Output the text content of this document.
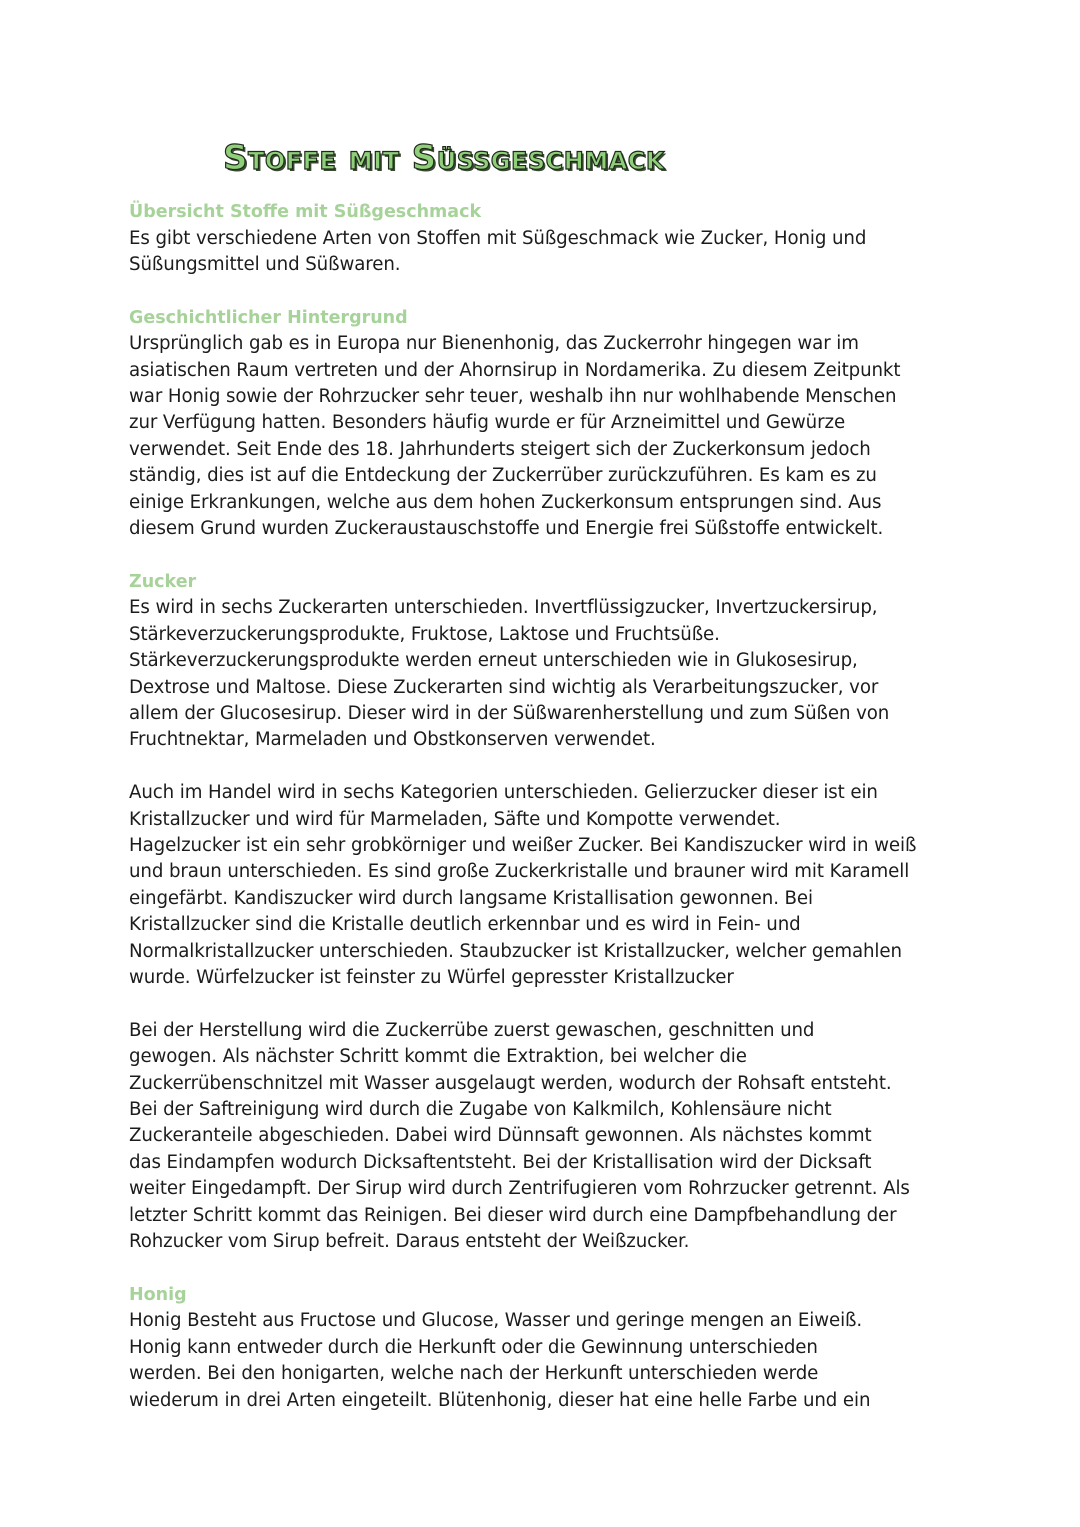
Stoffe mit Süßgeschmack
Übersicht Stoffe mit Süßgeschmack
Es gibt verschiedene Arten von Stoffen mit Süßgeschmack wie Zucker, Honig und
Süßungsmittel und Süßwaren.
Geschichtlicher Hintergrund
Ursprünglich gab es in Europa nur Bienenhonig, das Zuckerrohr hingegen war im
asiatischen Raum vertreten und der Ahornsirup in Nordamerika. Zu diesem Zeitpunkt
war Honig sowie der Rohrzucker sehr teuer, weshalb ihn nur wohlhabende Menschen
zur Verfügung hatten. Besonders häufig wurde er für Arzneimittel und Gewürze
verwendet. Seit Ende des 18. Jahrhunderts steigert sich der Zuckerkonsum jedoch
ständig, dies ist auf die Entdeckung der Zuckerrüber zurückzuführen. Es kam es zu
einige Erkrankungen, welche aus dem hohen Zuckerkonsum entsprungen sind. Aus
diesem Grund wurden Zuckeraustauschstoffe und Energie frei Süßstoffe entwickelt.
Zucker
Es wird in sechs Zuckerarten unterschieden. Invertflüssigzucker, Invertzuckersirup,
Stärkeverzuckerungsprodukte, Fruktose, Laktose und Fruchtsüße.
Stärkeverzuckerungsprodukte werden erneut unterschieden wie in Glukosesirup,
Dextrose und Maltose. Diese Zuckerarten sind wichtig als Verarbeitungszucker, vor
allem der Glucosesirup. Dieser wird in der Süßwarenherstellung und zum Süßen von
Fruchtnektar, Marmeladen und Obstkonserven verwendet.
Auch im Handel wird in sechs Kategorien unterschieden. Gelierzucker dieser ist ein
Kristallzucker und wird für Marmeladen, Säfte und Kompotte verwendet.
Hagelzucker ist ein sehr grobkörniger und weißer Zucker. Bei Kandiszucker wird in weiß
und braun unterschieden. Es sind große Zuckerkristalle und brauner wird mit Karamell
eingefärbt. Kandiszucker wird durch langsame Kristallisation gewonnen. Bei
Kristallzucker sind die Kristalle deutlich erkennbar und es wird in Fein- und
Normalkristallzucker unterschieden. Staubzucker ist Kristallzucker, welcher gemahlen
wurde. Würfelzucker ist feinster zu Würfel gepresster Kristallzucker
Bei der Herstellung wird die Zuckerrübe zuerst gewaschen, geschnitten und
gewogen. Als nächster Schritt kommt die Extraktion, bei welcher die
Zuckerrübenschnitzel mit Wasser ausgelaugt werden, wodurch der Rohsaft entsteht.
Bei der Saftreinigung wird durch die Zugabe von Kalkmilch, Kohlensäure nicht
Zuckeranteile abgeschieden. Dabei wird Dünnsaft gewonnen. Als nächstes kommt
das Eindampfen wodurch Dicksaftentsteht. Bei der Kristallisation wird der Dicksaft
weiter Eingedampft. Der Sirup wird durch Zentrifugieren vom Rohrzucker getrennt. Als
letzter Schritt kommt das Reinigen. Bei dieser wird durch eine Dampfbehandlung der
Rohzucker vom Sirup befreit. Daraus entsteht der Weißzucker.
Honig
Honig Besteht aus Fructose und Glucose, Wasser und geringe mengen an Eiweiß.
Honig kann entweder durch die Herkunft oder die Gewinnung unterschieden
werden. Bei den honigarten, welche nach der Herkunft unterschieden werde
wiederum in drei Arten eingeteilt. Blütenhonig, dieser hat eine helle Farbe und ein
